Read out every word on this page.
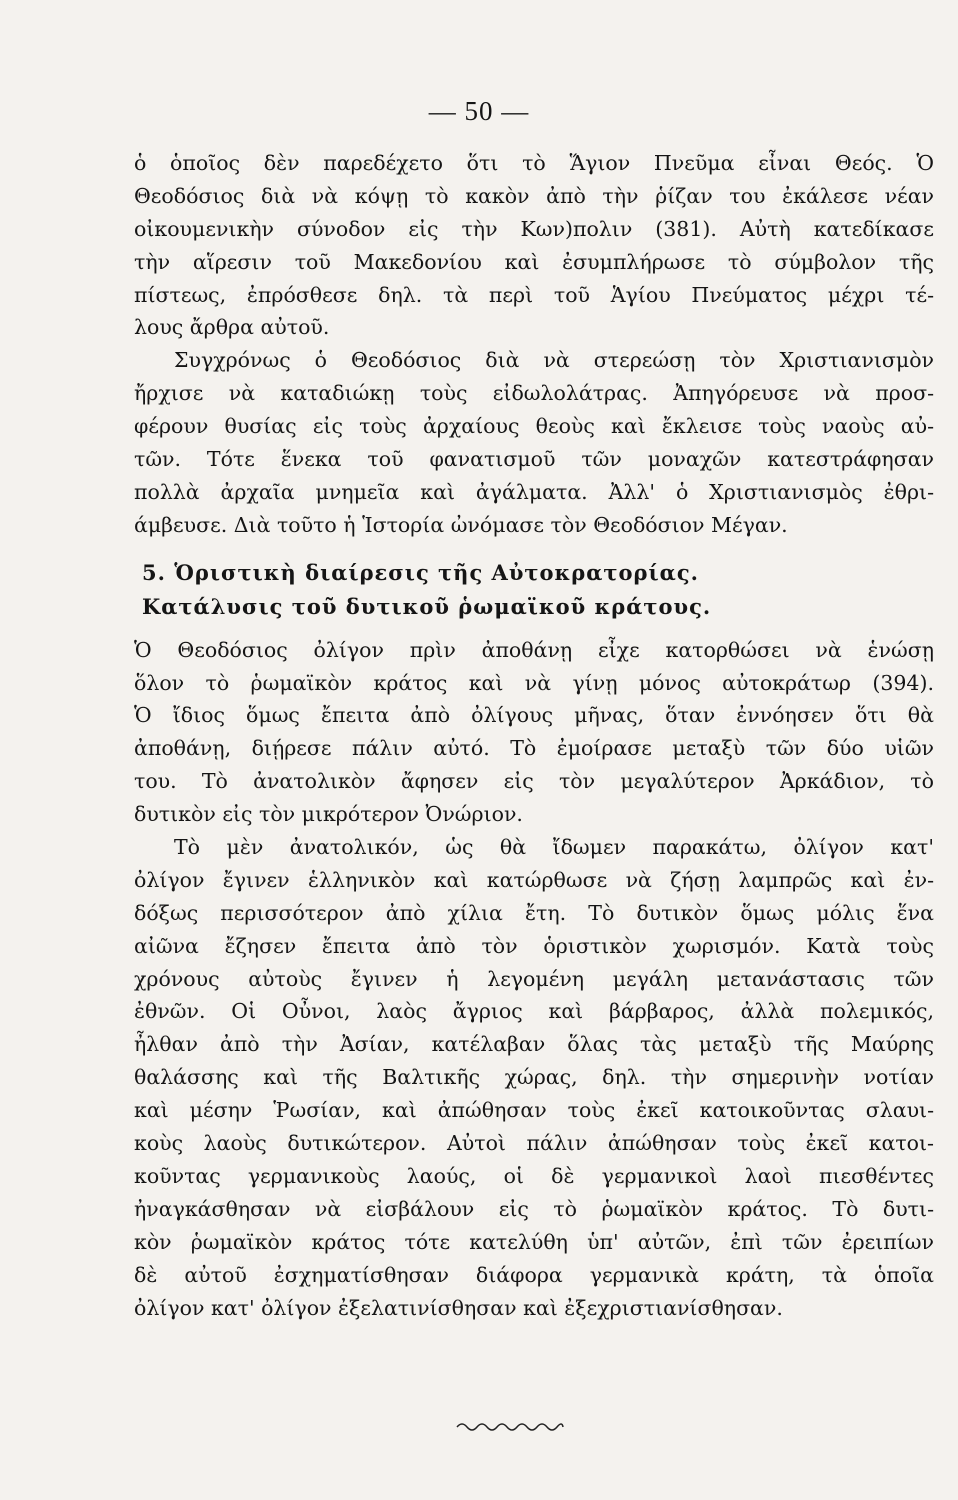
— 50 —
ὁ ὁποῖος δὲν παρεδέχετο ὅτι τὸ Ἅγιον Πνεῦμα εἶναι Θεός. Ὁ
Θεοδόσιος διὰ νὰ κόψῃ τὸ κακὸν ἀπὸ τὴν ῥίζαν του ἐκάλεσε νέαν
οἰκουμενικὴν σύνοδον εἰς τὴν Κων)πολιν (381). Αὐτὴ κατεδίκασε
τὴν αἵρεσιν τοῦ Μακεδονίου καὶ ἐσυμπλήρωσε τὸ σύμβολον τῆς
πίστεως, ἐπρόσθεσε δηλ. τὰ περὶ τοῦ Ἁγίου Πνεύματος μέχρι τέ-
λους ἄρθρα αὐτοῦ.
Συγχρόνως ὁ Θεοδόσιος διὰ νὰ στερεώσῃ τὸν Χριστιανισμὸν
ἤρχισε νὰ καταδιώκῃ τοὺς εἰδωλολάτρας. Ἀπηγόρευσε νὰ προσ-
φέρουν θυσίας εἰς τοὺς ἀρχαίους θεοὺς καὶ ἔκλεισε τοὺς ναοὺς αὐ-
τῶν. Τότε ἕνεκα τοῦ φανατισμοῦ τῶν μοναχῶν κατεστράφησαν
πολλὰ ἀρχαῖα μνημεῖα καὶ ἀγάλματα. Ἀλλ' ὁ Χριστιανισμὸς ἐθρι-
άμβευσε. Διὰ τοῦτο ἡ Ἱστορία ὠνόμασε τὸν Θεοδόσιον Μέγαν.
5. Ὁριστικὴ διαίρεσις τῆς Αὐτοκρατορίας.
Κατάλυσις τοῦ δυτικοῦ ῥωμαϊκοῦ κράτους.
Ὁ Θεοδόσιος ὀλίγον πρὶν ἀποθάνῃ εἶχε κατορθώσει νὰ ἑνώσῃ
ὅλον τὸ ῥωμαϊκὸν κράτος καὶ νὰ γίνῃ μόνος αὐτοκράτωρ (394).
Ὁ ἴδιος ὅμως ἔπειτα ἀπὸ ὀλίγους μῆνας, ὅταν ἐννόησεν ὅτι θὰ
ἀποθάνῃ, διῄρεσε πάλιν αὐτό. Τὸ ἐμοίρασε μεταξὺ τῶν δύο υἱῶν
του. Τὸ ἀνατολικὸν ἄφησεν εἰς τὸν μεγαλύτερον Ἀρκάδιον, τὸ
δυτικὸν εἰς τὸν μικρότερον Ὀνώριον.
Τὸ μὲν ἀνατολικόν, ὡς θὰ ἴδωμεν παρακάτω, ὀλίγον κατ'
ὀλίγον ἔγινεν ἑλληνικὸν καὶ κατώρθωσε νὰ ζήσῃ λαμπρῶς καὶ ἐν-
δόξως περισσότερον ἀπὸ χίλια ἔτη. Τὸ δυτικὸν ὅμως μόλις ἕνα
αἰῶνα ἔζησεν ἔπειτα ἀπὸ τὸν ὁριστικὸν χωρισμόν. Κατὰ τοὺς
χρόνους αὐτοὺς ἔγινεν ἡ λεγομένη μεγάλη μετανάστασις τῶν
ἐθνῶν. Οἱ Οὖνοι, λαὸς ἄγριος καὶ βάρβαρος, ἀλλὰ πολεμικός,
ἦλθαν ἀπὸ τὴν Ἀσίαν, κατέλαβαν ὅλας τὰς μεταξὺ τῆς Μαύρης
θαλάσσης καὶ τῆς Βαλτικῆς χώρας, δηλ. τὴν σημερινὴν νοτίαν
καὶ μέσην Ῥωσίαν, καὶ ἀπώθησαν τοὺς ἐκεῖ κατοικοῦντας σλαυι-
κοὺς λαοὺς δυτικώτερον. Αὐτοὶ πάλιν ἀπώθησαν τοὺς ἐκεῖ κατοι-
κοῦντας γερμανικοὺς λαούς, οἱ δὲ γερμανικοὶ λαοὶ πιεσθέντες
ἠναγκάσθησαν νὰ εἰσβάλουν εἰς τὸ ῥωμαϊκὸν κράτος. Τὸ δυτι-
κὸν ῥωμαϊκὸν κράτος τότε κατελύθη ὑπ' αὐτῶν, ἐπὶ τῶν ἐρειπίων
δὲ αὐτοῦ ἐσχηματίσθησαν διάφορα γερμανικὰ κράτη, τὰ ὁποῖα
ὀλίγον κατ' ὀλίγον ἐξελατινίσθησαν καὶ ἐξεχριστιανίσθησαν.
